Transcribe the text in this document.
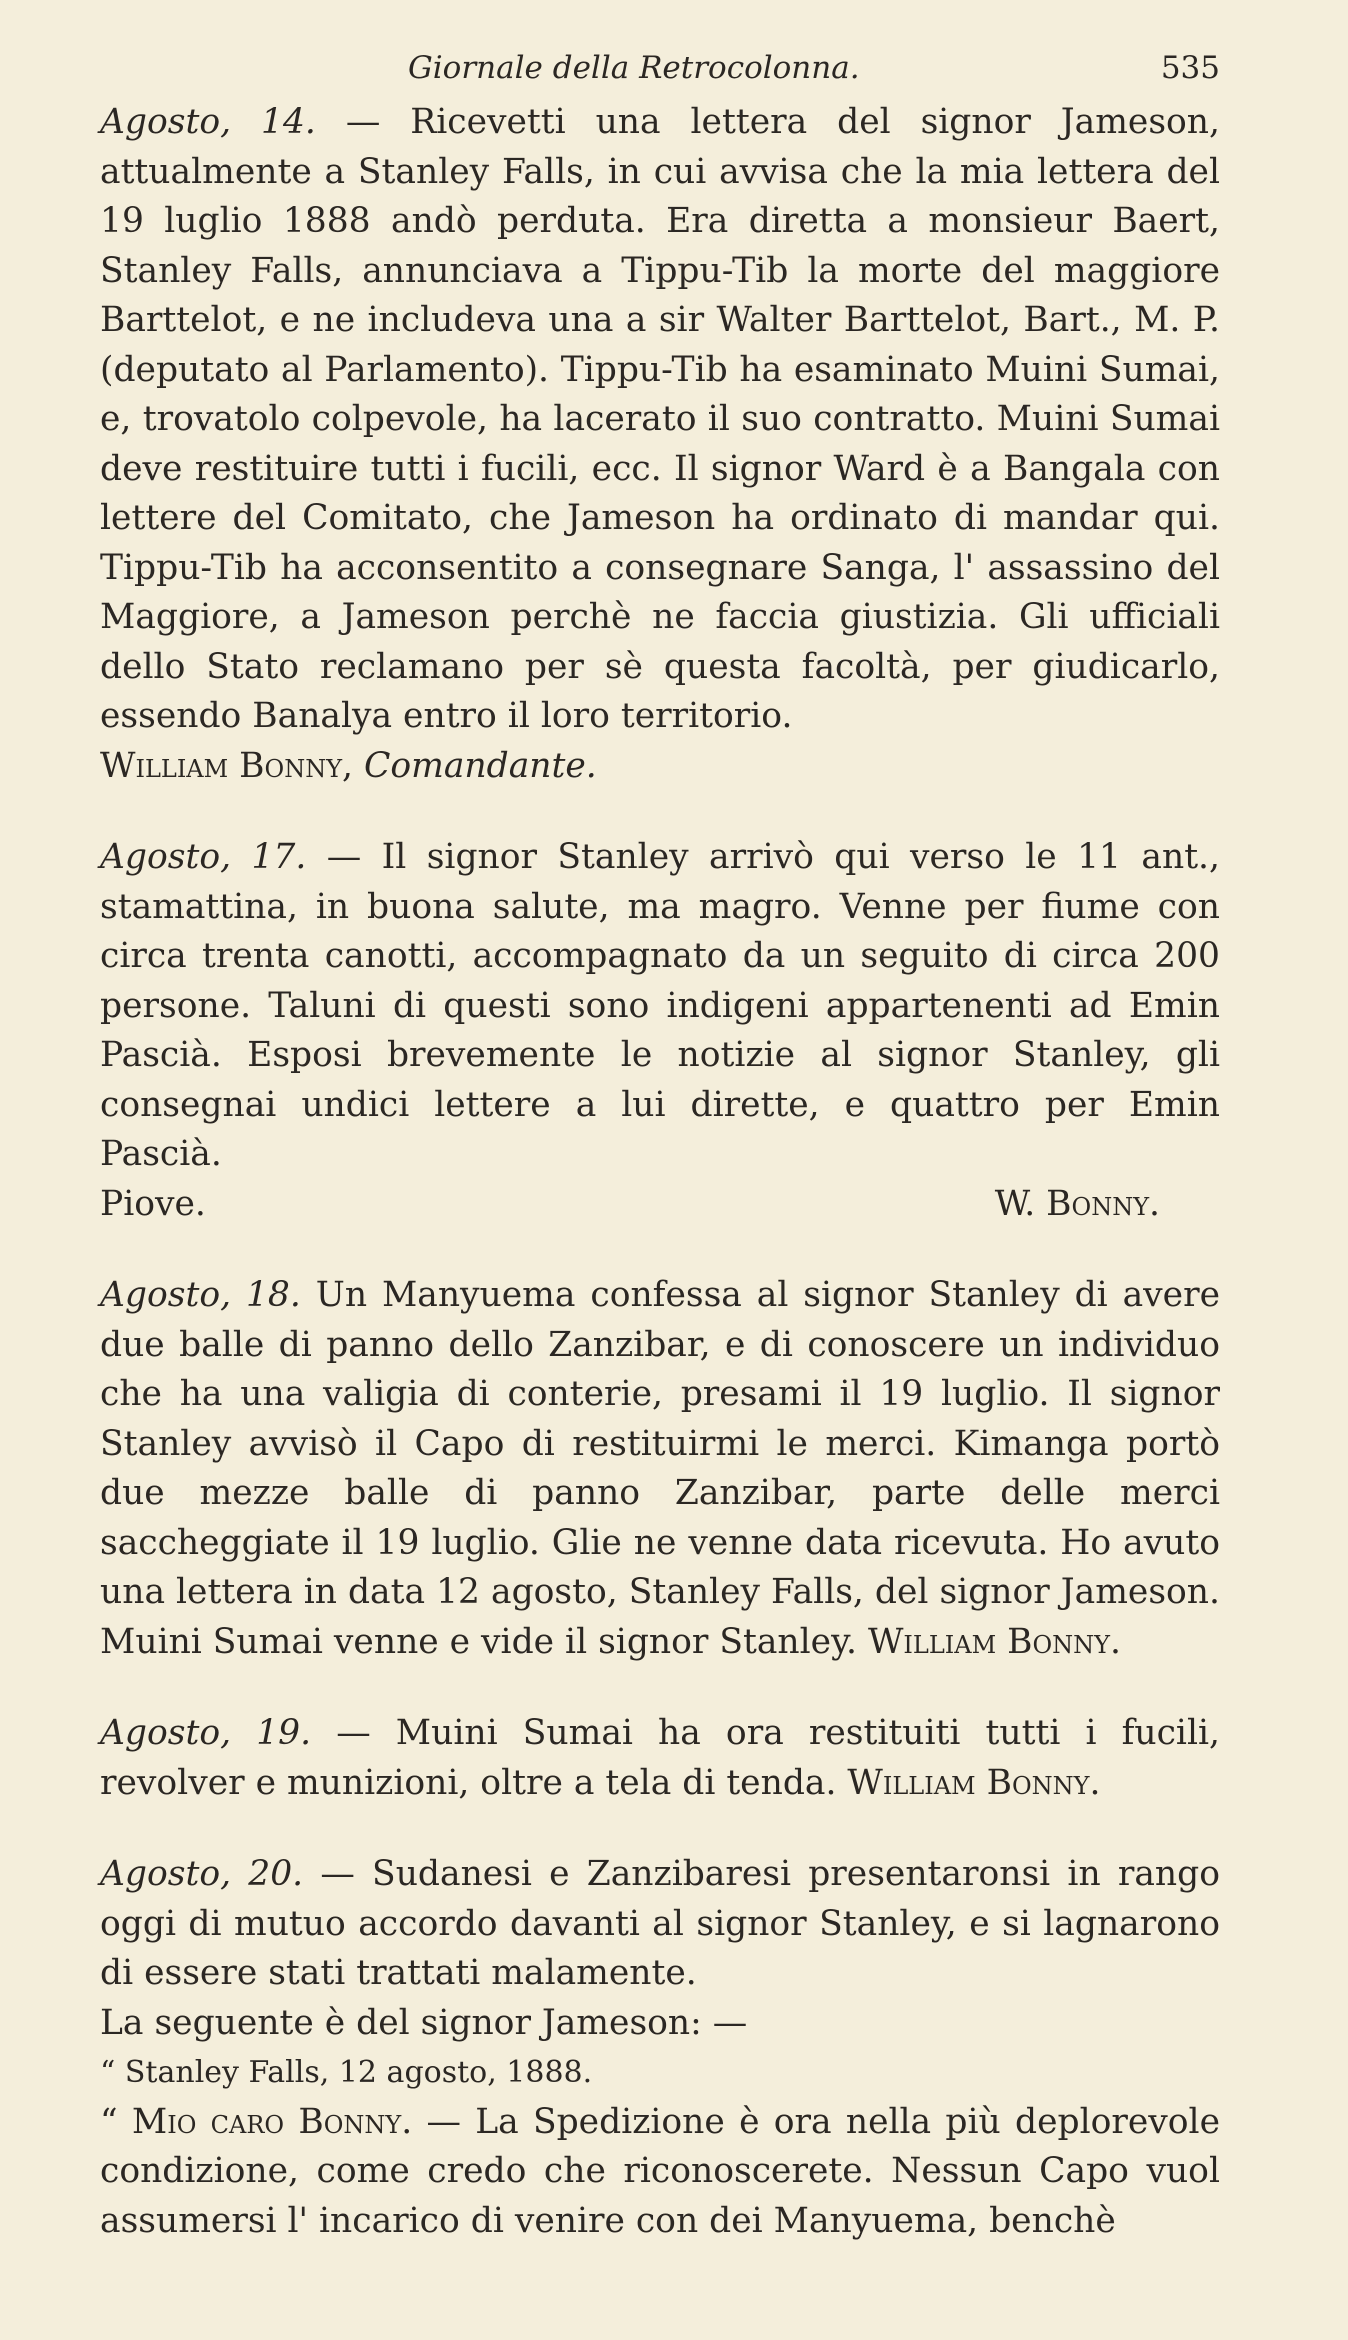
Giornale della Retrocolonna.	535

Agosto, 14. — Ricevetti una lettera del signor Jameson, attualmente a Stanley Falls, in cui avvisa che la mia lettera del 19 luglio 1888 andò perduta. Era diretta a monsieur Baert, Stanley Falls, annunciava a Tippu-Tib la morte del maggiore Barttelot, e ne includeva una a sir Walter Barttelot, Bart., M. P. (deputato al Parlamento). Tippu-Tib ha esaminato Muini Sumai, e, trovatolo colpevole, ha lacerato il suo contratto. Muini Sumai deve restituire tutti i fucili, ecc. Il signor Ward è a Bangala con lettere del Comitato, che Jameson ha ordinato di mandar qui. Tippu-Tib ha acconsentito a consegnare Sanga, l' assassino del Maggiore, a Jameson perchè ne faccia giustizia. Gli ufficiali dello Stato reclamano per sè questa facoltà, per giudicarlo, essendo Banalya entro il loro territorio.

William Bonny, Comandante.

Agosto, 17. — Il signor Stanley arrivò qui verso le 11 ant., stamattina, in buona salute, ma magro. Venne per fiume con circa trenta canotti, accompagnato da un seguito di circa 200 persone. Taluni di questi sono indigeni appartenenti ad Emin Pascià. Esposi brevemente le notizie al signor Stanley, gli consegnai undici lettere a lui dirette, e quattro per Emin Pascià.

Piove.	W. Bonny.

Agosto, 18. Un Manyuema confessa al signor Stanley di avere due balle di panno dello Zanzibar, e di conoscere un individuo che ha una valigia di conterie, presami il 19 luglio. Il signor Stanley avvisò il Capo di restituirmi le merci. Kimanga portò due mezze balle di panno Zanzibar, parte delle merci saccheggiate il 19 luglio. Glie ne venne data ricevuta. Ho avuto una lettera in data 12 agosto, Stanley Falls, del signor Jameson. Muini Sumai venne e vide il signor Stanley. William Bonny.

Agosto, 19. — Muini Sumai ha ora restituiti tutti i fucili, revolver e munizioni, oltre a tela di tenda. William Bonny.

Agosto, 20. — Sudanesi e Zanzibaresi presentaronsi in rango oggi di mutuo accordo davanti al signor Stanley, e si lagnarono di essere stati trattati malamente.

La seguente è del signor Jameson: —

“ Stanley Falls, 12 agosto, 1888.

“ Mio caro Bonny. — La Spedizione è ora nella più deplorevole condizione, come credo che riconoscerete. Nessun Capo vuol assumersi l' incarico di venire con dei Manyuema, benchè
